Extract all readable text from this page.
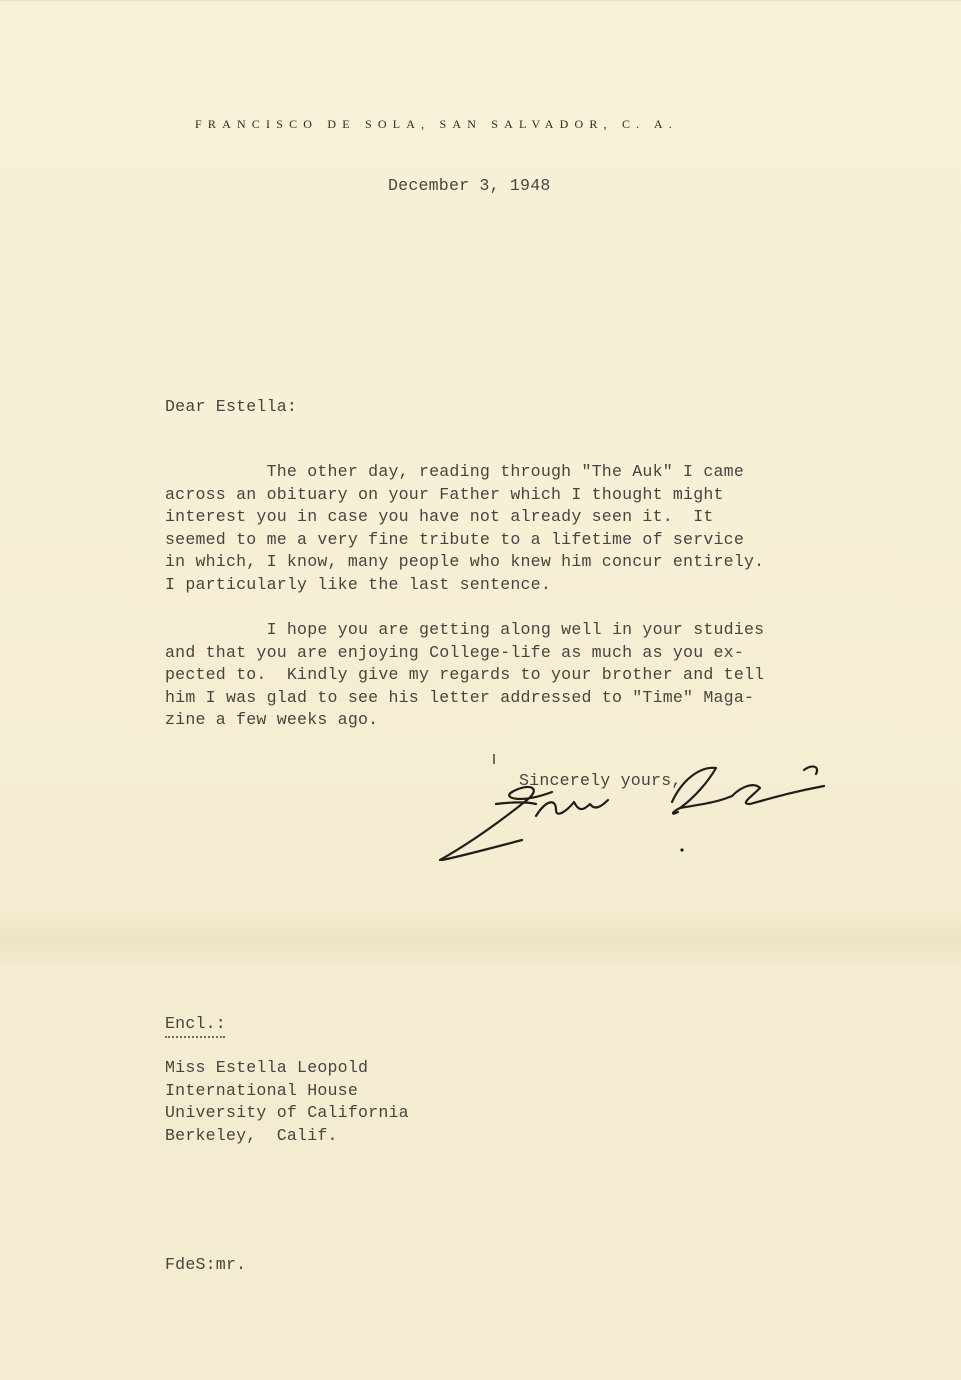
FRANCISCO DE SOLA, SAN SALVADOR, C. A.
December 3, 1948
Dear Estella:
The other day, reading through "The Auk" I came
across an obituary on your Father which I thought might
interest you in case you have not already seen it.  It
seemed to me a very fine tribute to a lifetime of service
in which, I know, many people who knew him concur entirely.
I particularly like the last sentence.
I hope you are getting along well in your studies
and that you are enjoying College-life as much as you ex-
pected to.  Kindly give my regards to your brother and tell
him I was glad to see his letter addressed to "Time" Maga-
zine a few weeks ago.
Sincerely yours,
Encl.:
Miss Estella Leopold
International House
University of California
Berkeley,  Calif.
FdeS:mr.
